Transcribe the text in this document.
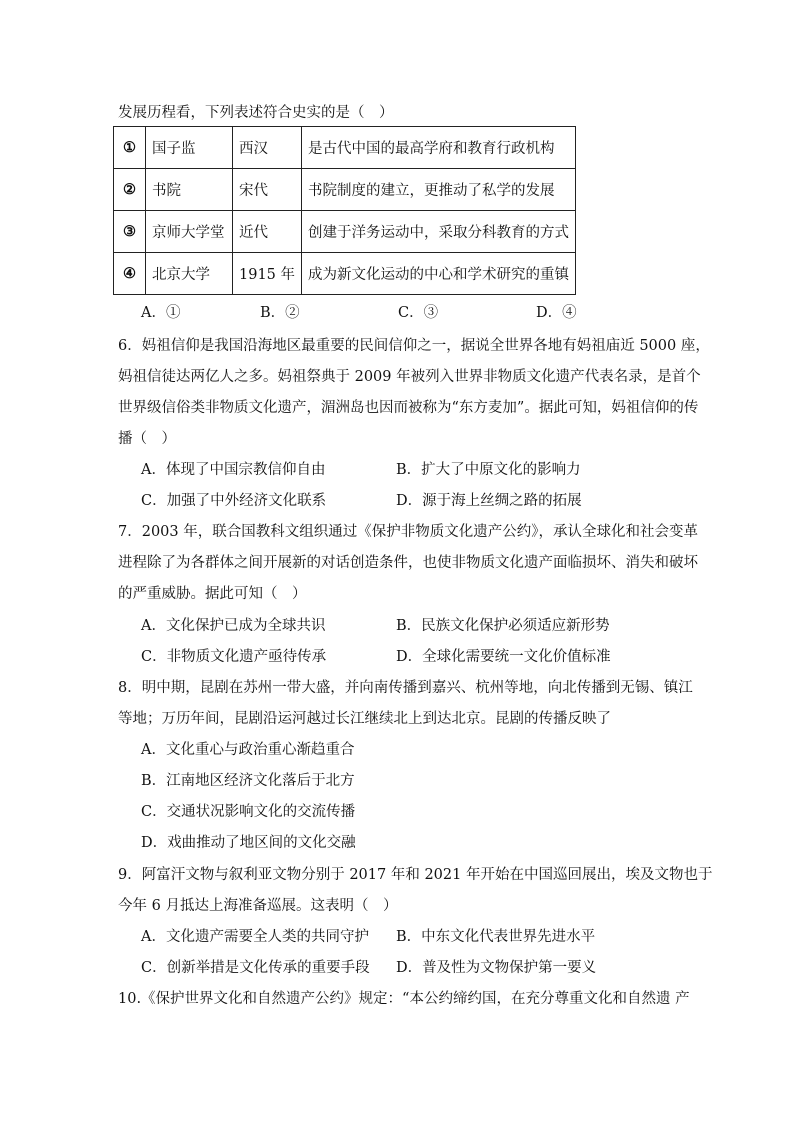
发展历程看，下列表述符合史实的是（　）
①	国子监	西汉	是古代中国的最高学府和教育行政机构
②	书院	宋代	书院制度的建立，更推动了私学的发展
③	京师大学堂	近代	创建于洋务运动中，采取分科教育的方式
④	北京大学	1915 年	成为新文化运动的中心和学术研究的重镇
A．①	B．②	C．③	D．④
6．妈祖信仰是我国沿海地区最重要的民间信仰之一，据说全世界各地有妈祖庙近 5000 座，
妈祖信徒达两亿人之多。妈祖祭典于 2009 年被列入世界非物质文化遗产代表名录，是首个
世界级信俗类非物质文化遗产，湄洲岛也因而被称为“东方麦加”。据此可知，妈祖信仰的传
播（　）
A．体现了中国宗教信仰自由	B．扩大了中原文化的影响力
C．加强了中外经济文化联系	D．源于海上丝绸之路的拓展
7．2003 年，联合国教科文组织通过《保护非物质文化遗产公约》，承认全球化和社会变革
进程除了为各群体之间开展新的对话创造条件，也使非物质文化遗产面临损坏、消失和破坏
的严重威胁。据此可知（　）
A．文化保护已成为全球共识	B．民族文化保护必须适应新形势
C．非物质文化遗产亟待传承	D．全球化需要统一文化价值标准
8．明中期，昆剧在苏州一带大盛，并向南传播到嘉兴、杭州等地，向北传播到无锡、镇江
等地；万历年间，昆剧沿运河越过长江继续北上到达北京。昆剧的传播反映了
A．文化重心与政治重心渐趋重合
B．江南地区经济文化落后于北方
C．交通状况影响文化的交流传播
D．戏曲推动了地区间的文化交融
9．阿富汗文物与叙利亚文物分别于 2017 年和 2021 年开始在中国巡回展出，埃及文物也于
今年 6 月抵达上海准备巡展。这表明（　）
A．文化遗产需要全人类的共同守护 B．中东文化代表世界先进水平
C．创新举措是文化传承的重要手段 D．普及性为文物保护第一要义
10.《保护世界文化和自然遗产公约》规定：“本公约缔约国，在充分尊重文化和自然遗 产
